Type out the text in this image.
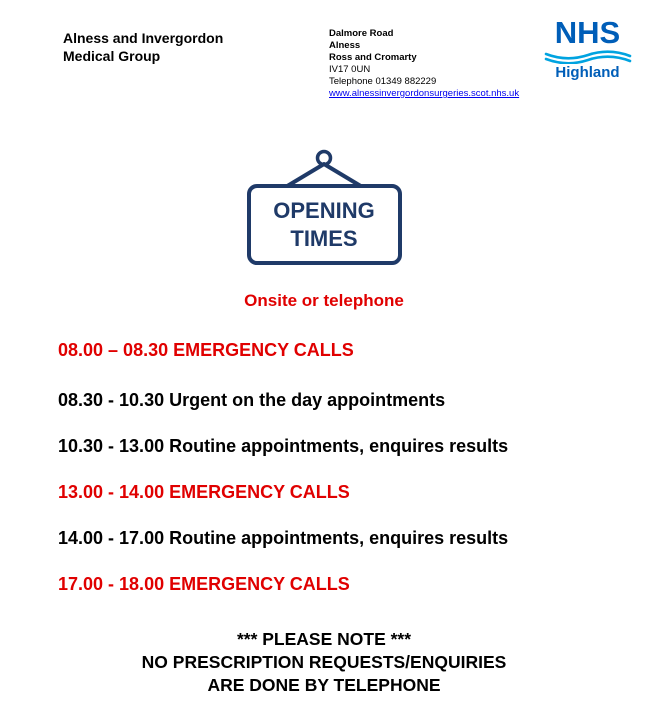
Alness and Invergordon
Medical Group
Dalmore Road
Alness
Ross and Cromarty
IV17 0UN
Telephone 01349 882229
www.alnessinvergordonsurgeries.scot.nhs.uk
NHS
Highland
OPENING
TIMES
Onsite or telephone
08.00 – 08.30 EMERGENCY CALLS
08.30 - 10.30 Urgent on the day appointments
10.30 - 13.00 Routine appointments, enquires results
13.00 - 14.00 EMERGENCY CALLS
14.00 - 17.00 Routine appointments, enquires results
17.00 - 18.00 EMERGENCY CALLS
*** PLEASE NOTE ***
NO PRESCRIPTION REQUESTS/ENQUIRIES
ARE DONE BY TELEPHONE
